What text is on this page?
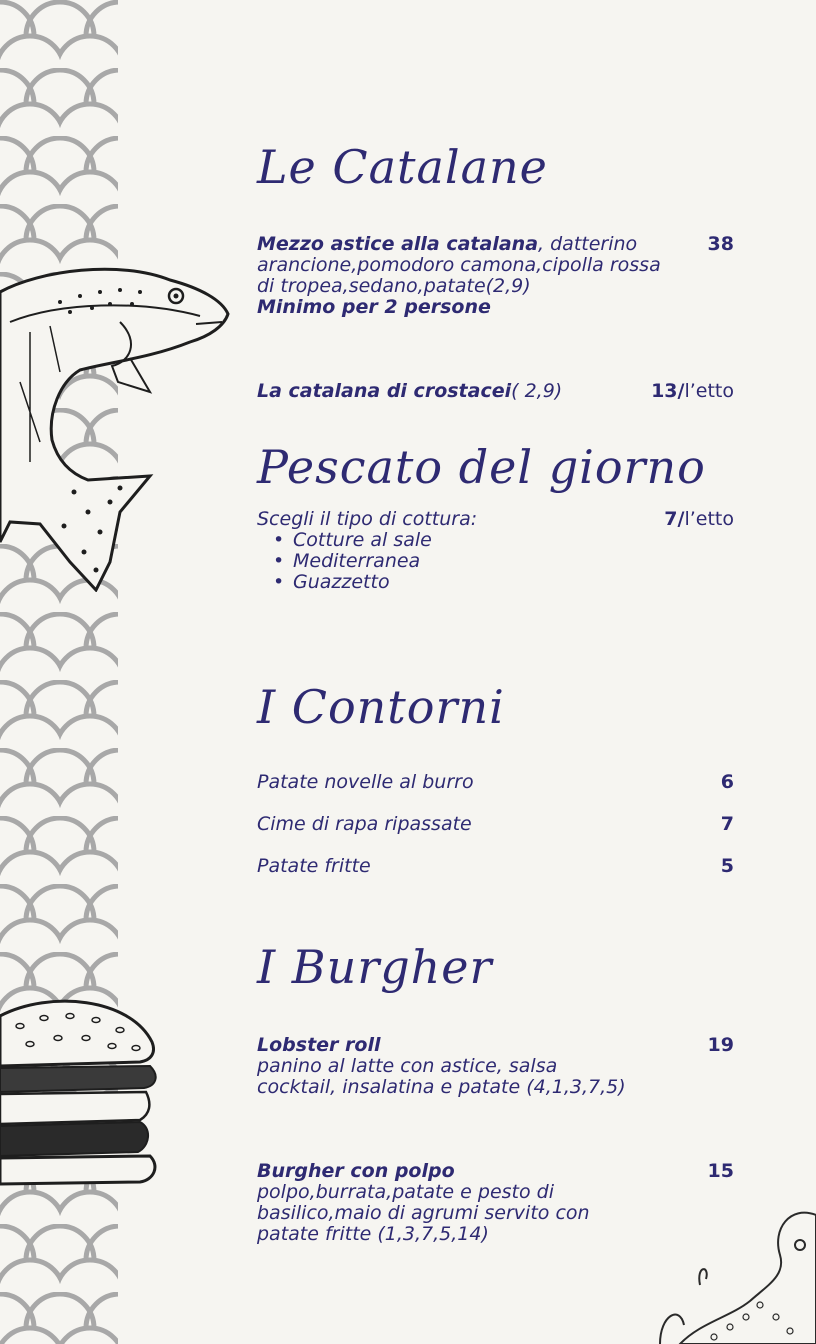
Le Catalane
Mezzo astice alla catalana, datterino arancione,pomodoro camona,cipolla rossa di tropea,sedano,patate(2,9)
Minimo per 2 persone
38
La catalana di crostacei( 2,9)	13/l’etto
Pescato del giorno
Scegli il tipo di cottura:
• Cotture al sale
• Mediterranea
• Guazzetto
7/l’etto
I Contorni
Patate novelle al burro	6
Cime di rapa ripassate	7
Patate fritte	5
I Burgher
Lobster roll
panino al latte con astice, salsa cocktail, insalatina e patate (4,1,3,7,5)
19
Burgher con polpo
polpo,burrata,patate e pesto di basilico,maio di agrumi servito con patate fritte (1,3,7,5,14)
15
